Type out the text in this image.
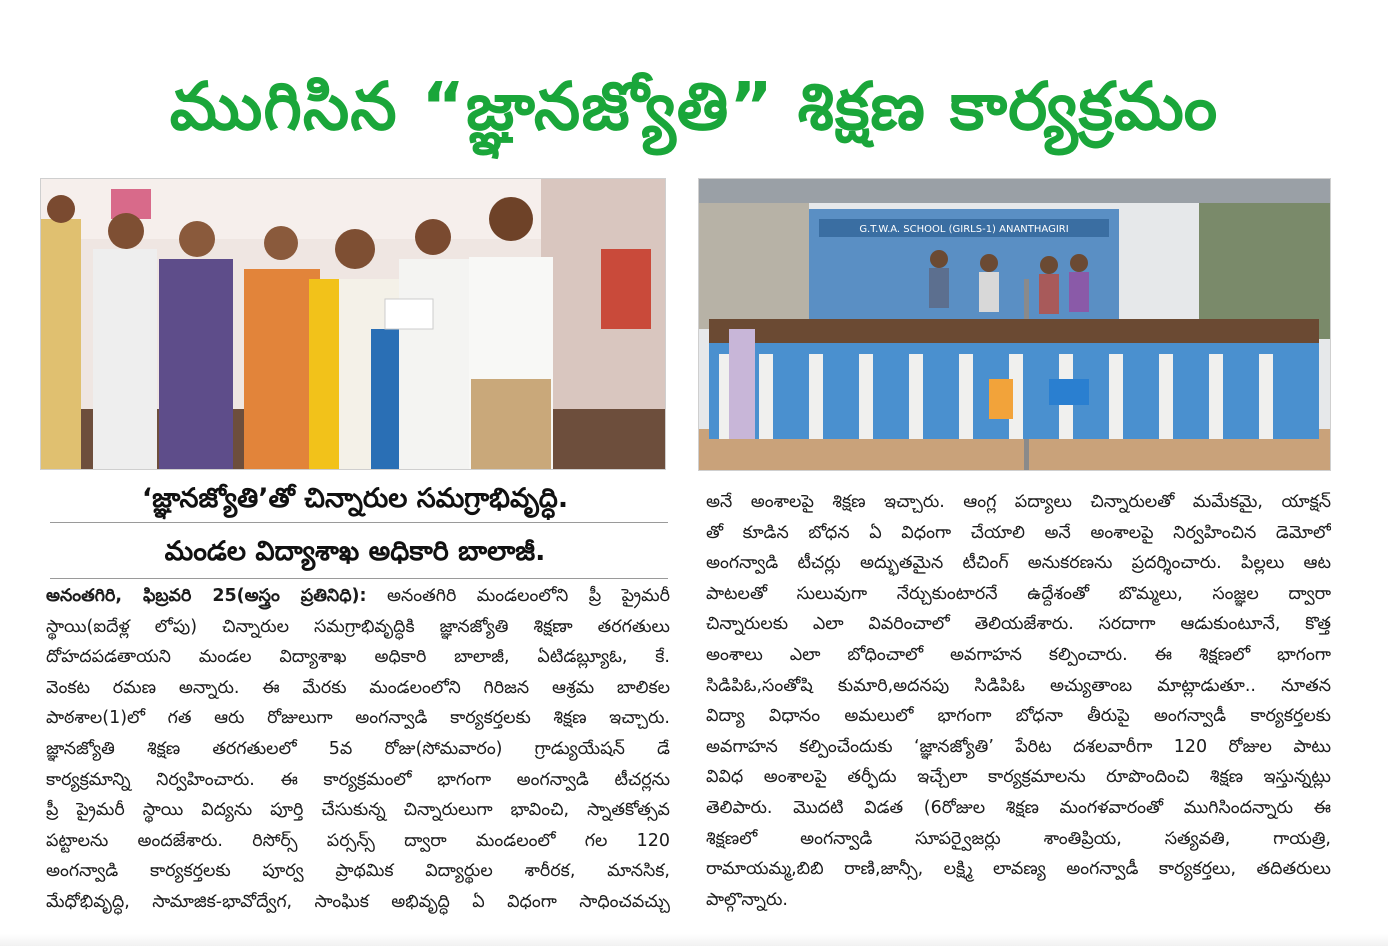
ముగిసిన “జ్ఞానజ్యోతి” శిక్షణ కార్యక్రమం
G.T.W.A. SCHOOL (GIRLS-1) ANANTHAGIRI
‘జ్ఞానజ్యోతి’తో చిన్నారుల సమగ్రాభివృద్ధి.
మండల విద్యాశాఖ అధికారి బాలాజీ.
అనంతగిరి, ఫిబ్రవరి 25(అస్త్రం ప్రతినిధి): అనంతగిరి మండలంలోని ప్రీ ప్రైమరీ
స్థాయి(ఐదేళ్ల లోపు) చిన్నారుల సమగ్రాభివృద్ధికి జ్ఞానజ్యోతి శిక్షణా తరగతులు
దోహదపడతాయని మండల విద్యాశాఖ అధికారి బాలాజీ, ఏటిడబ్ల్యూఓ, కే.
వెంకట రమణ అన్నారు. ఈ మేరకు మండలంలోని గిరిజన ఆశ్రమ బాలికల
పాఠశాల(1)లో గత ఆరు రోజులుగా అంగన్వాడి కార్యకర్తలకు శిక్షణ ఇచ్చారు.
జ్ఞానజ్యోతి శిక్షణ తరగతులలో 5వ రోజు(సోమవారం) గ్రాడ్యుయేషన్ డే
కార్యక్రమాన్ని నిర్వహించారు. ఈ కార్యక్రమంలో భాగంగా అంగన్వాడి టీచర్లను
ప్రీ ప్రైమరీ స్థాయి విద్యను పూర్తి చేసుకున్న చిన్నారులుగా భావించి, స్నాతకోత్సవ
పట్టాలను అందజేశారు. రిసోర్స్ పర్సన్స్ ద్వారా మండలంలో గల 120
అంగన్వాడి కార్యకర్తలకు పూర్వ ప్రాథమిక విద్యార్థుల శారీరక, మానసిక,
మేధోభివృద్ధి, సామాజిక-భావోద్వేగ, సాంఘిక అభివృద్ధి ఏ విధంగా సాధించవచ్చు
అనే అంశాలపై శిక్షణ ఇచ్చారు. ఆంగ్ల పద్యాలు చిన్నారులతో మమేకమై, యాక్షన్
తో కూడిన బోధన ఏ విధంగా చేయాలి అనే అంశాలపై నిర్వహించిన డెమోలో
అంగన్వాడి టీచర్లు అద్భుతమైన టీచింగ్ అనుకరణను ప్రదర్శించారు. పిల్లలు ఆట
పాటలతో సులువుగా నేర్చుకుంటారనే ఉద్దేశంతో బొమ్మలు, సంజ్ఞల ద్వారా
చిన్నారులకు ఎలా వివరించాలో తెలియజేశారు. సరదాగా ఆడుకుంటూనే, కొత్త
అంశాలు ఎలా బోధించాలో అవగాహన కల్పించారు. ఈ శిక్షణలో భాగంగా
సిడిపిఓ,సంతోషి కుమారి,అదనపు సిడిపిఓ అచ్యుతాంబ మాట్లాడుతూ.. నూతన
విద్యా విధానం అమలులో భాగంగా బోధనా తీరుపై అంగన్వాడీ కార్యకర్తలకు
అవగాహన కల్పించేందుకు ‘జ్ఞానజ్యోతి’ పేరిట దశలవారీగా 120 రోజుల పాటు
వివిధ అంశాలపై తర్ఫీదు ఇచ్చేలా కార్యక్రమాలను రూపొందించి శిక్షణ ఇస్తున్నట్లు
తెలిపారు. మొదటి విడత (6రోజుల శిక్షణ మంగళవారంతో ముగిసిందన్నారు ఈ
శిక్షణలో అంగన్వాడి సూపర్వైజర్లు శాంతిప్రియ, సత్యవతి, గాయత్రి,
రామాయమ్మ,బిబి రాణి,జాన్సీ, లక్ష్మి లావణ్య అంగన్వాడీ కార్యకర్తలు, తదితరులు
పాల్గొన్నారు.
